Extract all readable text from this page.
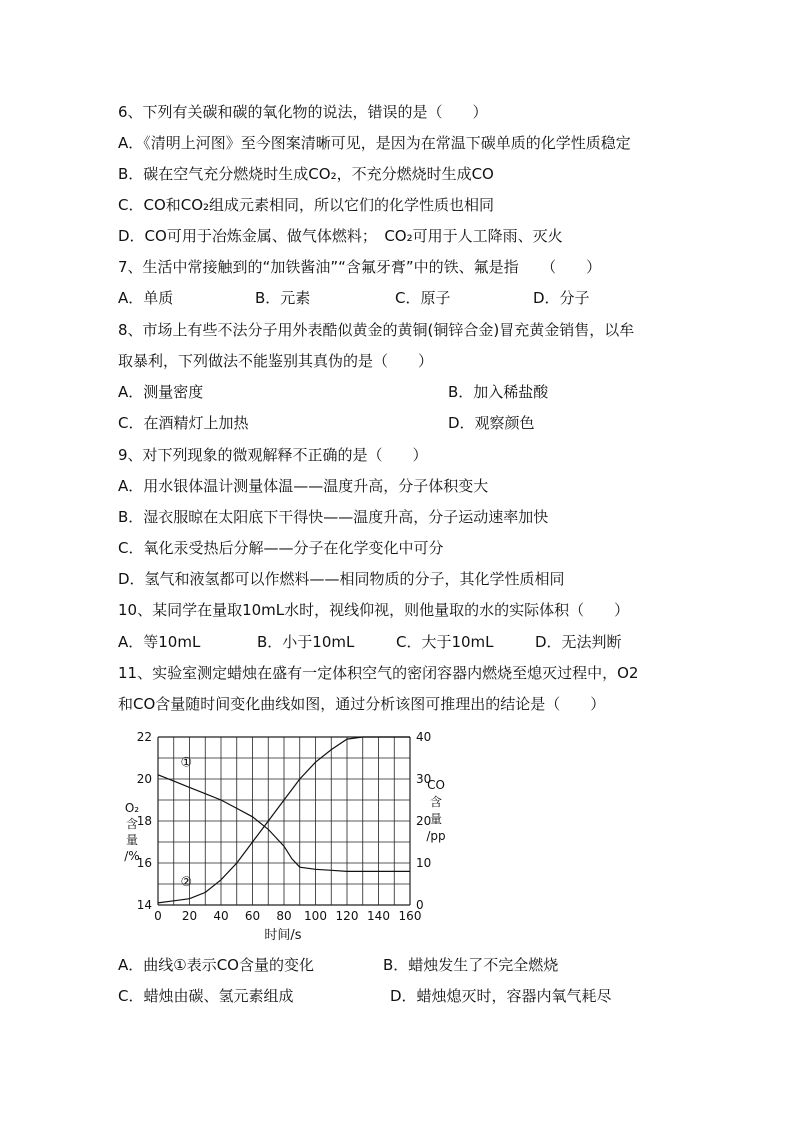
6、下列有关碳和碳的氧化物的说法，错误的是（　　）
A．《清明上河图》至今图案清晰可见，是因为在常温下碳单质的化学性质稳定
B．碳在空气充分燃烧时生成CO₂，不充分燃烧时生成CO
C．CO和CO₂组成元素相同，所以它们的化学性质也相同
D．CO可用于冶炼金属、做气体燃料；　CO₂可用于人工降雨、灭火
7、生活中常接触到的“加铁酱油”“含氟牙膏”中的铁、氟是指　　（　　）
A．单质	B．元素	C．原子	D．分子
8、市场上有些不法分子用外表酷似黄金的黄铜(铜锌合金)冒充黄金销售，以牟
取暴利，下列做法不能鉴别其真伪的是（　　）
A．测量密度	B．加入稀盐酸
C．在酒精灯上加热	D．观察颜色
9、对下列现象的微观解释不正确的是（　　）
A．用水银体温计测量体温——温度升高，分子体积变大
B．湿衣服晾在太阳底下干得快——温度升高，分子运动速率加快
C．氧化汞受热后分解——分子在化学变化中可分
D．氢气和液氢都可以作燃料——相同物质的分子，其化学性质相同
10、某同学在量取10mL水时，视线仰视，则他量取的水的实际体积（　　）
A．等10mL	B．小于10mL	C．大于10mL	D．无法判断
11、实验室测定蜡烛在盛有一定体积空气的密闭容器内燃烧至熄灭过程中，O2
和CO含量随时间变化曲线如图，通过分析该图可推理出的结论是（　　）
①
②
0 20 40 60 80 100 120 140 160
14
16
18
20
22
0
10
20
30
40
时间/s
O₂
含
量
/%
CO
含
量
/pp
A．曲线①表示CO含量的变化	B．蜡烛发生了不完全燃烧
C．蜡烛由碳、氢元素组成	D．蜡烛熄灭时，容器内氧气耗尽
